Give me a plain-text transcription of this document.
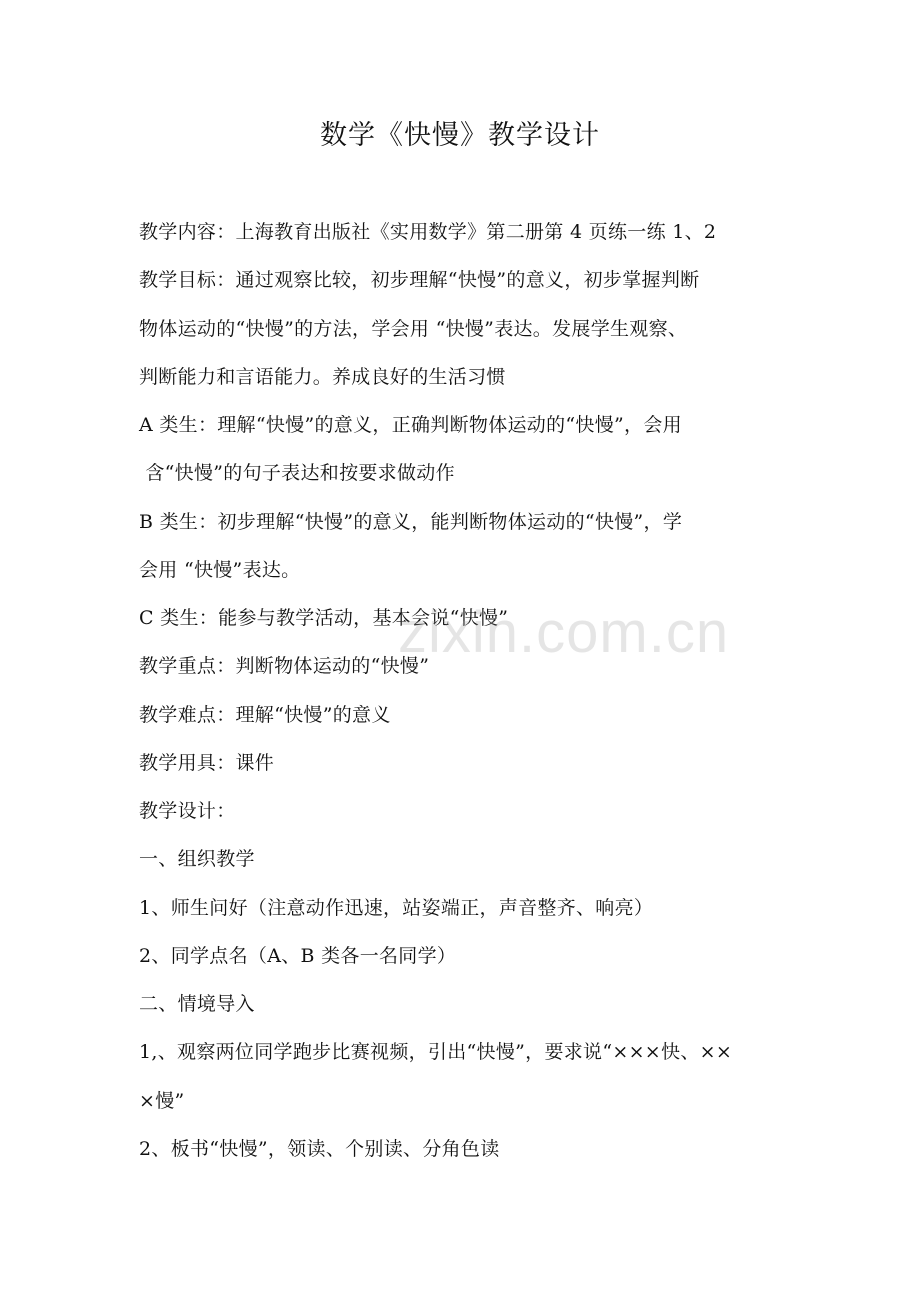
数学《快慢》教学设计
教学内容：上海教育出版社《实用数学》第二册第 4 页练一练 1、2
教学目标：通过观察比较，初步理解“快慢”的意义，初步掌握判断
物体运动的“快慢”的方法，学会用 “快慢”表达。发展学生观察、
判断能力和言语能力。养成良好的生活习惯
A 类生：理解“快慢”的意义，正确判断物体运动的“快慢”，会用
含“快慢”的句子表达和按要求做动作
B 类生：初步理解“快慢”的意义，能判断物体运动的“快慢”，学
会用 “快慢”表达。
C 类生：能参与教学活动，基本会说“快慢”
教学重点：判断物体运动的“快慢”
教学难点：理解“快慢”的意义
教学用具：课件
教学设计：
一、组织教学
1、师生问好（注意动作迅速，站姿端正，声音整齐、响亮）
2、同学点名（A、B 类各一名同学）
二、情境导入
1,、观察两位同学跑步比赛视频，引出“快慢”，要求说“×××快、××
×慢”
2、板书“快慢”，领读、个别读、分角色读
zixin.com.cn
